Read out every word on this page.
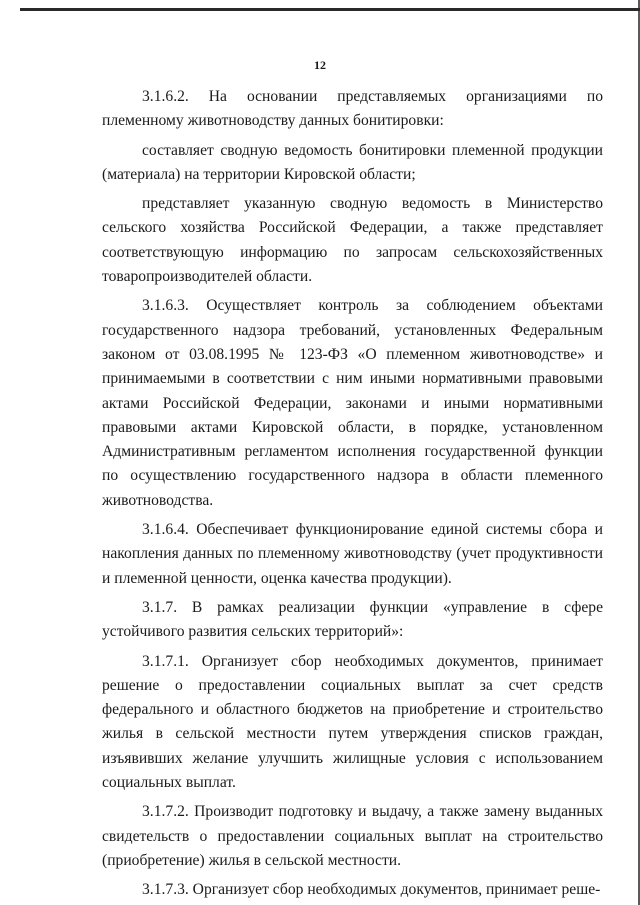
12

3.1.6.2. На основании представляемых организациями по племенному животноводству данных бонитировки:

составляет сводную ведомость бонитировки племенной продукции (материала) на территории Кировской области;

представляет указанную сводную ведомость в Министерство сельского хозяйства Российской Федерации, а также представляет соответствующую информацию по запросам сельскохозяйственных товаропроизводителей области.

3.1.6.3. Осуществляет контроль за соблюдением объектами государственного надзора требований, установленных Федеральным законом от 03.08.1995 № 123-ФЗ «О племенном животноводстве» и принимаемыми в соответствии с ним иными нормативными правовыми актами Российской Федерации, законами и иными нормативными правовыми актами Кировской области, в порядке, установленном Административным регламентом исполнения государственной функции по осуществлению государственного надзора в области племенного животноводства.

3.1.6.4. Обеспечивает функционирование единой системы сбора и накопления данных по племенному животноводству (учет продуктивности и племенной ценности, оценка качества продукции).

3.1.7. В рамках реализации функции «управление в сфере устойчивого развития сельских территорий»:

3.1.7.1. Организует сбор необходимых документов, принимает решение о предоставлении социальных выплат за счет средств федерального и областного бюджетов на приобретение и строительство жилья в сельской местности путем утверждения списков граждан, изъявивших желание улучшить жилищные условия с использованием социальных выплат.

3.1.7.2. Производит подготовку и выдачу, а также замену выданных свидетельств о предоставлении социальных выплат на строительство (приобретение) жилья в сельской местности.

3.1.7.3. Организует сбор необходимых документов, принимает реше-
